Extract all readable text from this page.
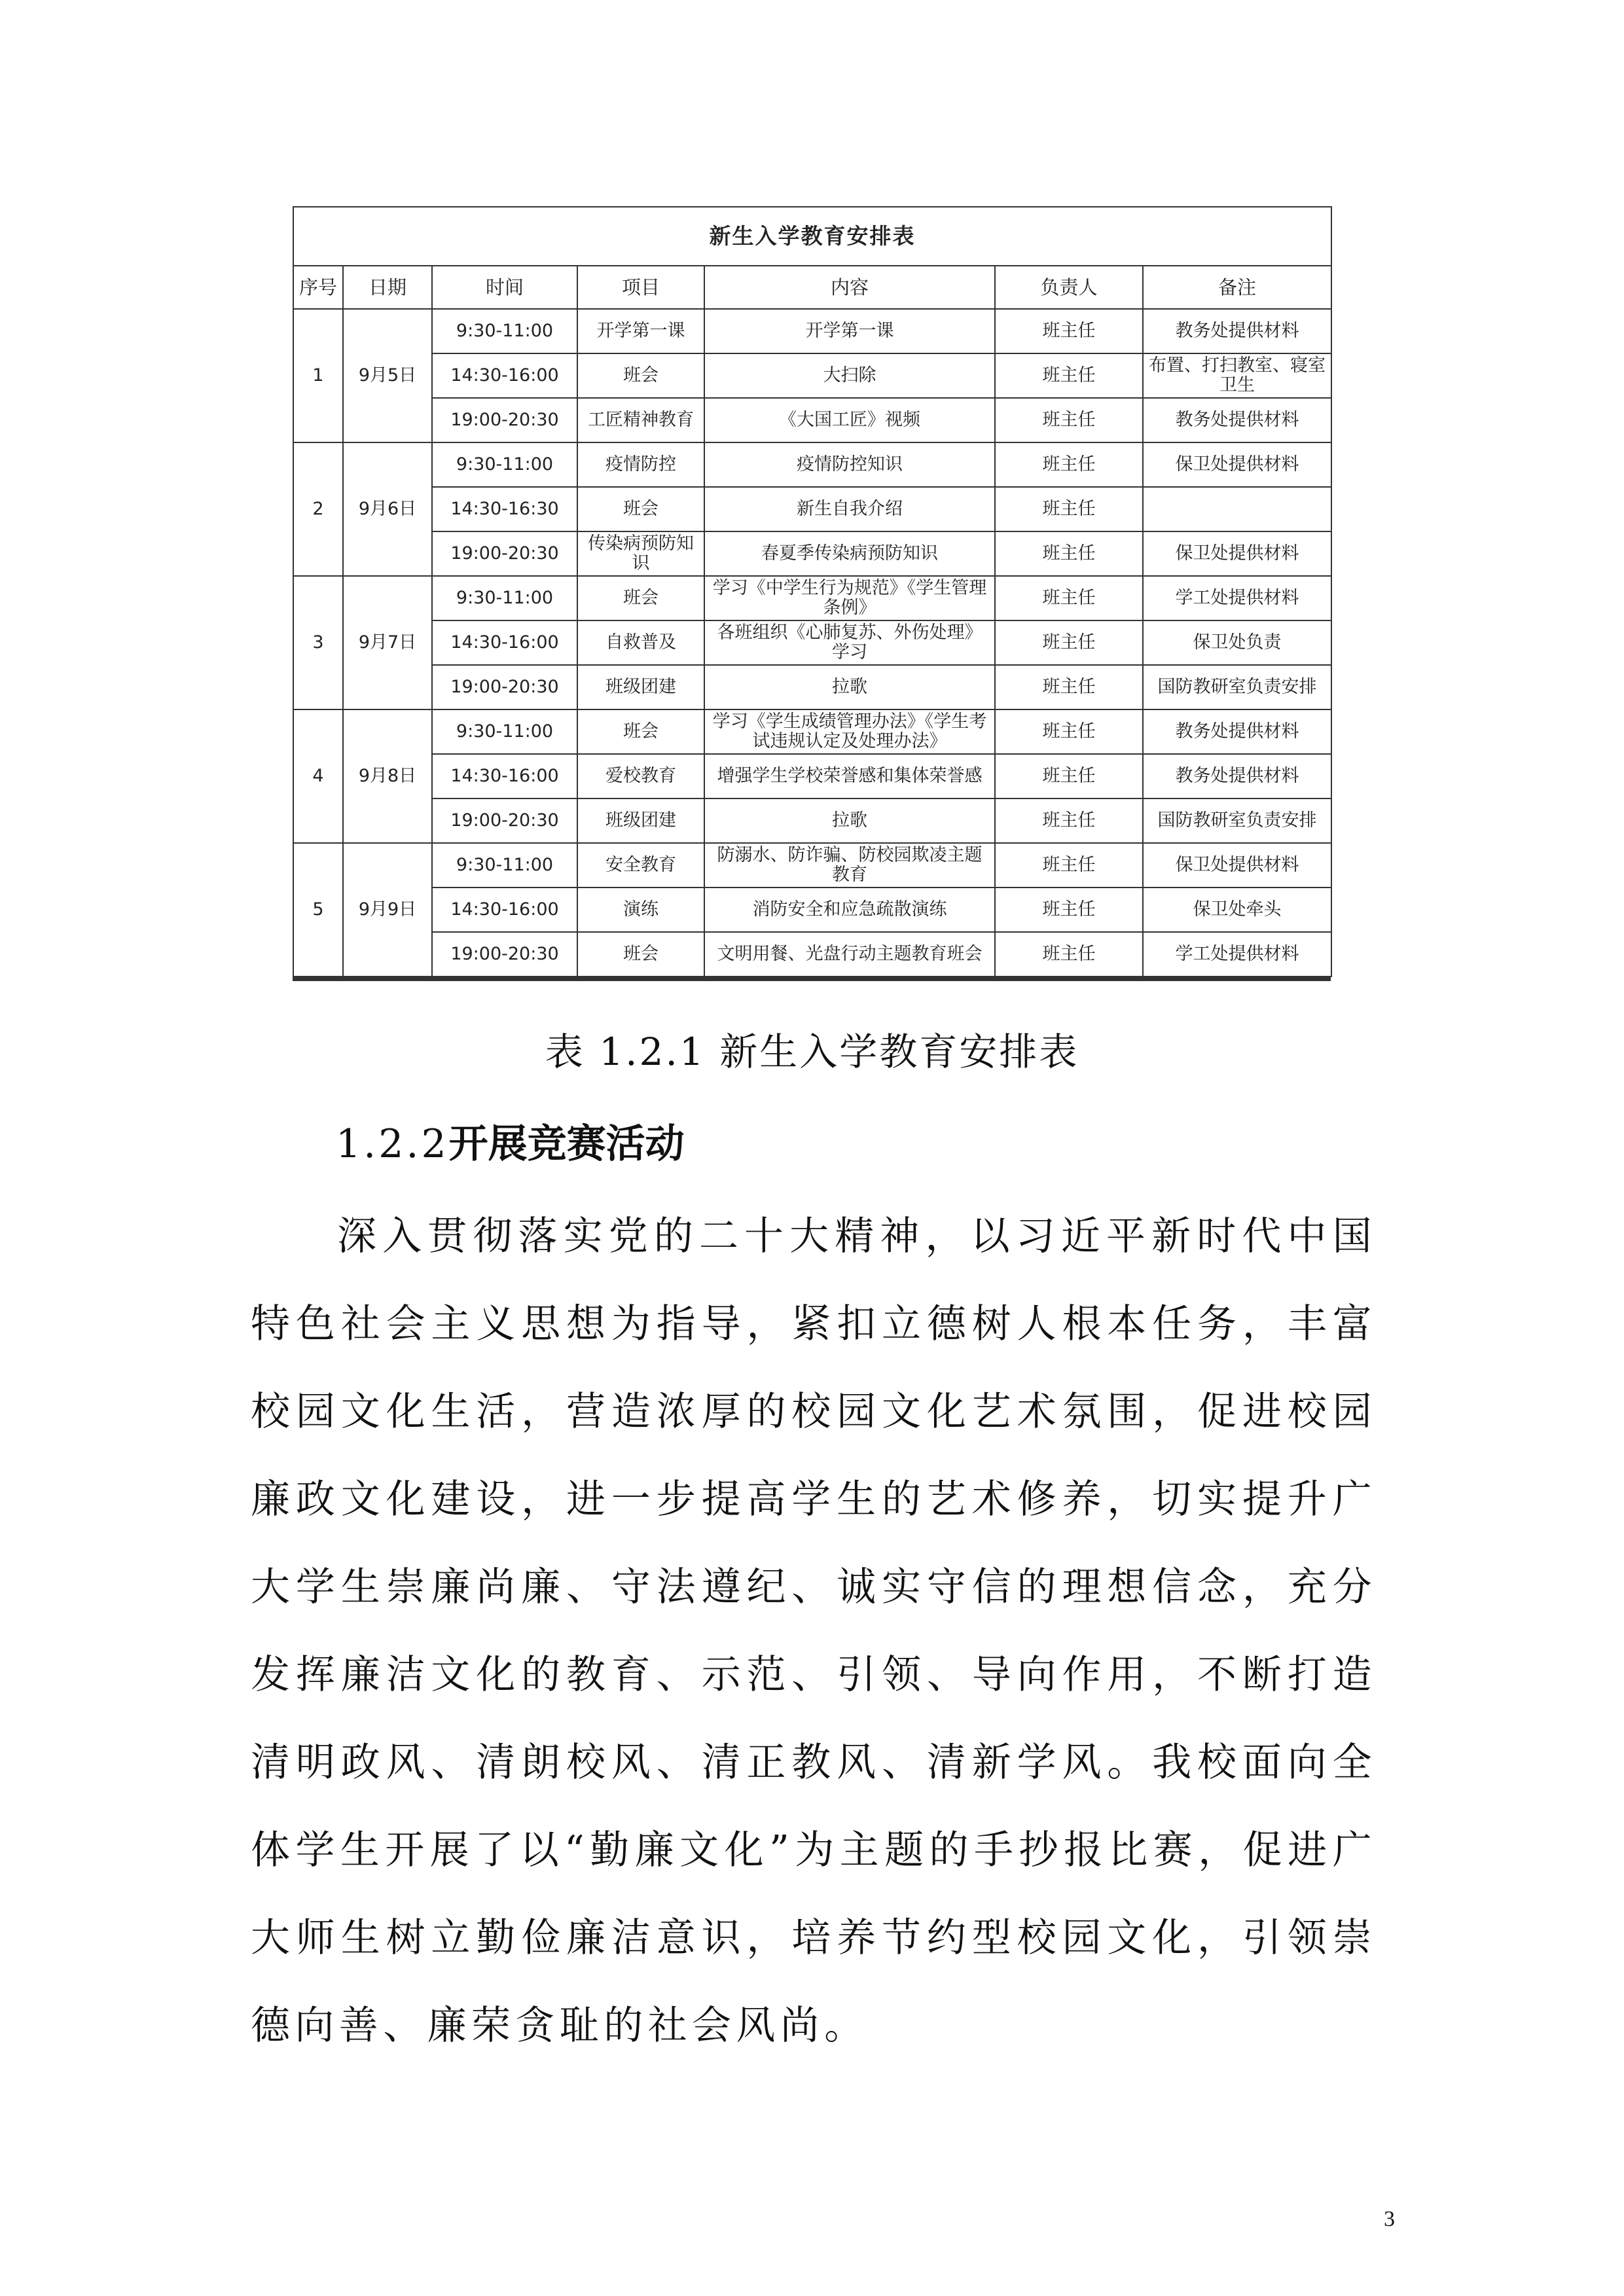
新生入学教育安排表						
序号	日期	时间	项目	内容	负责人	备注
1	9月5日	9:30-11:00	开学第一课	开学第一课	班主任	教务处提供材料
		14:30-16:00	班会	大扫除	班主任	布置、打扫教室、寝室卫生
		19:00-20:30	工匠精神教育	《大国工匠》视频	班主任	教务处提供材料
2	9月6日	9:30-11:00	疫情防控	疫情防控知识	班主任	保卫处提供材料
		14:30-16:30	班会	新生自我介绍	班主任	
		19:00-20:30	传染病预防知识	春夏季传染病预防知识	班主任	保卫处提供材料
3	9月7日	9:30-11:00	班会	学习《中学生行为规范》《学生管理条例》	班主任	学工处提供材料
		14:30-16:00	自救普及	各班组织《心肺复苏、外伤处理》学习	班主任	保卫处负责
		19:00-20:30	班级团建	拉歌	班主任	国防教研室负责安排
4	9月8日	9:30-11:00	班会	学习《学生成绩管理办法》《学生考试违规认定及处理办法》	班主任	教务处提供材料
		14:30-16:00	爱校教育	增强学生学校荣誉感和集体荣誉感	班主任	教务处提供材料
		19:00-20:30	班级团建	拉歌	班主任	国防教研室负责安排
5	9月9日	9:30-11:00	安全教育	防溺水、防诈骗、防校园欺凌主题教育	班主任	保卫处提供材料
		14:30-16:00	演练	消防安全和应急疏散演练	班主任	保卫处牵头
		19:00-20:30	班会	文明用餐、光盘行动主题教育班会	班主任	学工处提供材料
表 1.2.1 新生入学教育安排表
1.2.2开展竞赛活动

深入贯彻落实党的二十大精神，以习近平新时代中国特色社会主义思想为指导，紧扣立德树人根本任务，丰富校园文化生活，营造浓厚的校园文化艺术氛围，促进校园廉政文化建设，进一步提高学生的艺术修养，切实提升广大学生崇廉尚廉、守法遵纪、诚实守信的理想信念，充分发挥廉洁文化的教育、示范、引领、导向作用，不断打造清明政风、清朗校风、清正教风、清新学风。我校面向全体学生开展了以“勤廉文化”为主题的手抄报比赛，促进广大师生树立勤俭廉洁意识，培养节约型校园文化，引领崇德向善、廉荣贪耻的社会风尚。

3
